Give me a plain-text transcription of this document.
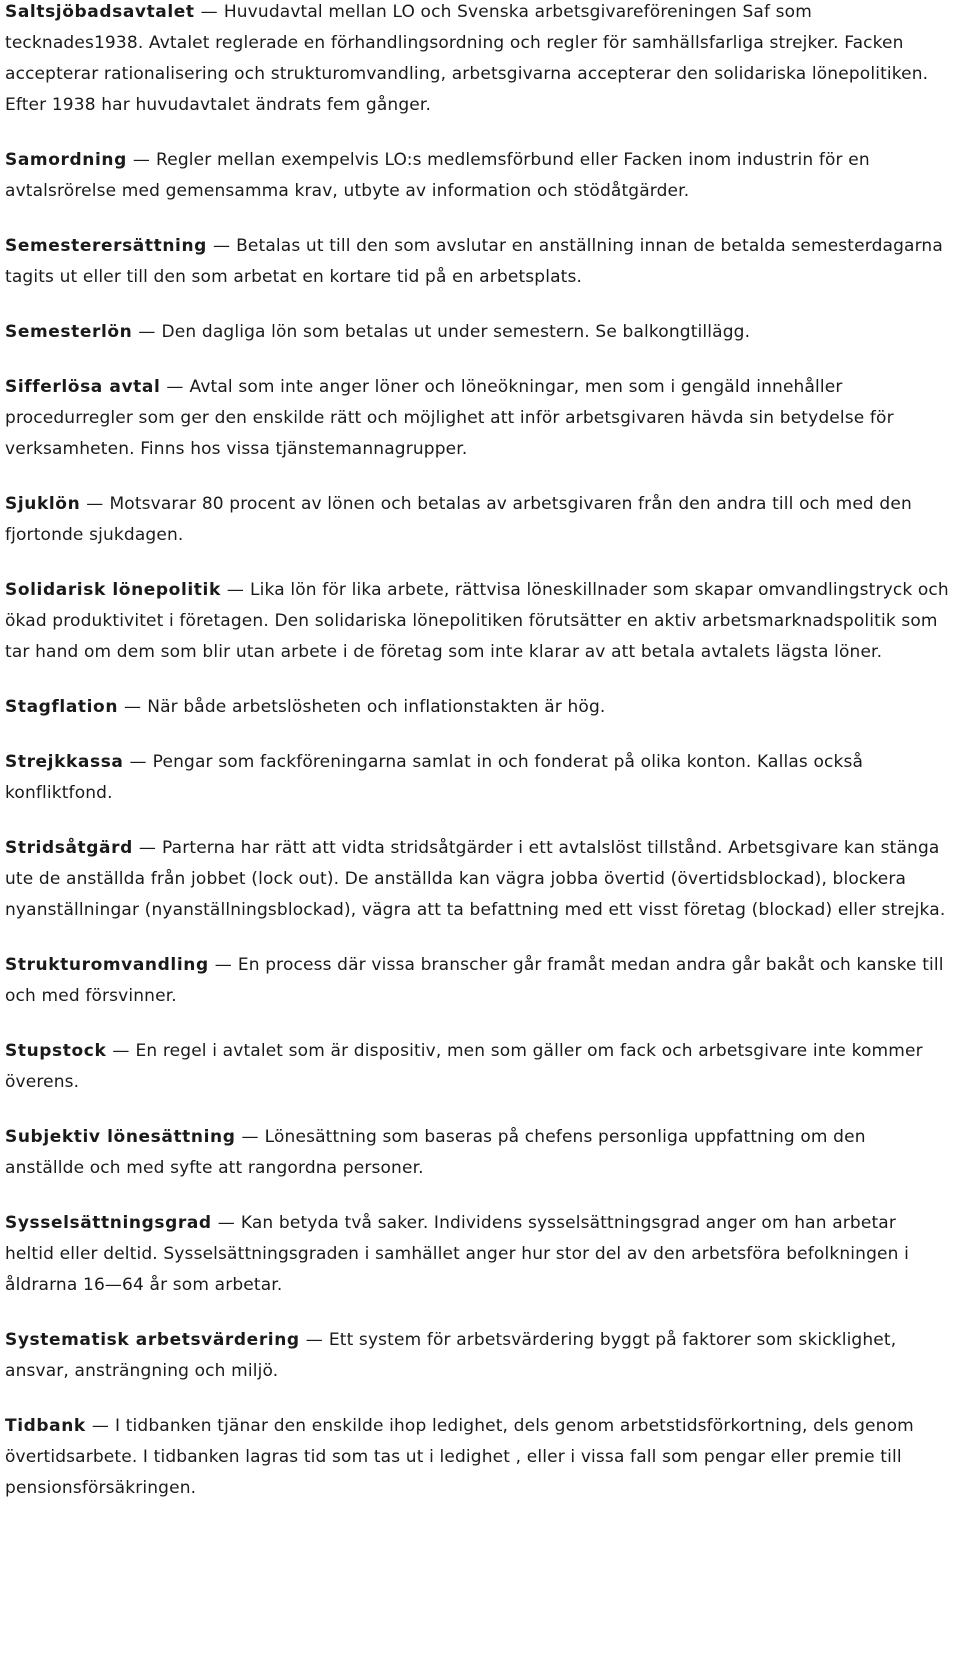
Saltsjöbadsavtalet — Huvudavtal mellan LO och Svenska arbetsgivareföreningen Saf som tecknades1938. Avtalet reglerade en förhandlingsordning och regler för samhällsfarliga strejker. Facken accepterar rationalisering och strukturomvandling, arbetsgivarna accepterar den solidariska lönepolitiken. Efter 1938 har huvudavtalet ändrats fem gånger.

Samordning — Regler mellan exempelvis LO:s medlemsförbund eller Facken inom industrin för en avtalsrörelse med gemensamma krav, utbyte av information och stödåtgärder.

Semesterersättning — Betalas ut till den som avslutar en anställning innan de betalda semesterdagarna tagits ut eller till den som arbetat en kortare tid på en arbetsplats.

Semesterlön — Den dagliga lön som betalas ut under semestern. Se balkongtillägg.

Sifferlösa avtal — Avtal som inte anger löner och löneökningar, men som i gengäld innehåller procedurregler som ger den enskilde rätt och möjlighet att inför arbetsgivaren hävda sin betydelse för verksamheten. Finns hos vissa tjänstemannagrupper.

Sjuklön — Motsvarar 80 procent av lönen och betalas av arbetsgivaren från den andra till och med den fjortonde sjukdagen.

Solidarisk lönepolitik — Lika lön för lika arbete, rättvisa löneskillnader som skapar omvandlingstryck och ökad produktivitet i företagen. Den solidariska lönepolitiken förutsätter en aktiv arbetsmarknadspolitik som tar hand om dem som blir utan arbete i de företag som inte klarar av att betala avtalets lägsta löner.

Stagflation — När både arbetslösheten och inflationstakten är hög.

Strejkkassa — Pengar som fackföreningarna samlat in och fonderat på olika konton. Kallas också konfliktfond.

Stridsåtgärd — Parterna har rätt att vidta stridsåtgärder i ett avtalslöst tillstånd. Arbetsgivare kan stänga ute de anställda från jobbet (lock out). De anställda kan vägra jobba övertid (övertidsblockad), blockera nyanställningar (nyanställningsblockad), vägra att ta befattning med ett visst företag (blockad) eller strejka.

Strukturomvandling — En process där vissa branscher går framåt medan andra går bakåt och kanske till och med försvinner.

Stupstock — En regel i avtalet som är dispositiv, men som gäller om fack och arbetsgivare inte kommer överens.

Subjektiv lönesättning — Lönesättning som baseras på chefens personliga uppfattning om den anställde och med syfte att rangordna personer.

Sysselsättningsgrad — Kan betyda två saker. Individens sysselsättningsgrad anger om han arbetar heltid eller deltid. Sysselsättningsgraden i samhället anger hur stor del av den arbetsföra befolkningen i åldrarna 16—64 år som arbetar.

Systematisk arbetsvärdering — Ett system för arbetsvärdering byggt på faktorer som skicklighet, ansvar, ansträngning och miljö.

Tidbank — I tidbanken tjänar den enskilde ihop ledighet, dels genom arbetstidsförkortning, dels genom övertidsarbete. I tidbanken lagras tid som tas ut i ledighet , eller i vissa fall som pengar eller premie till pensionsförsäkringen.
